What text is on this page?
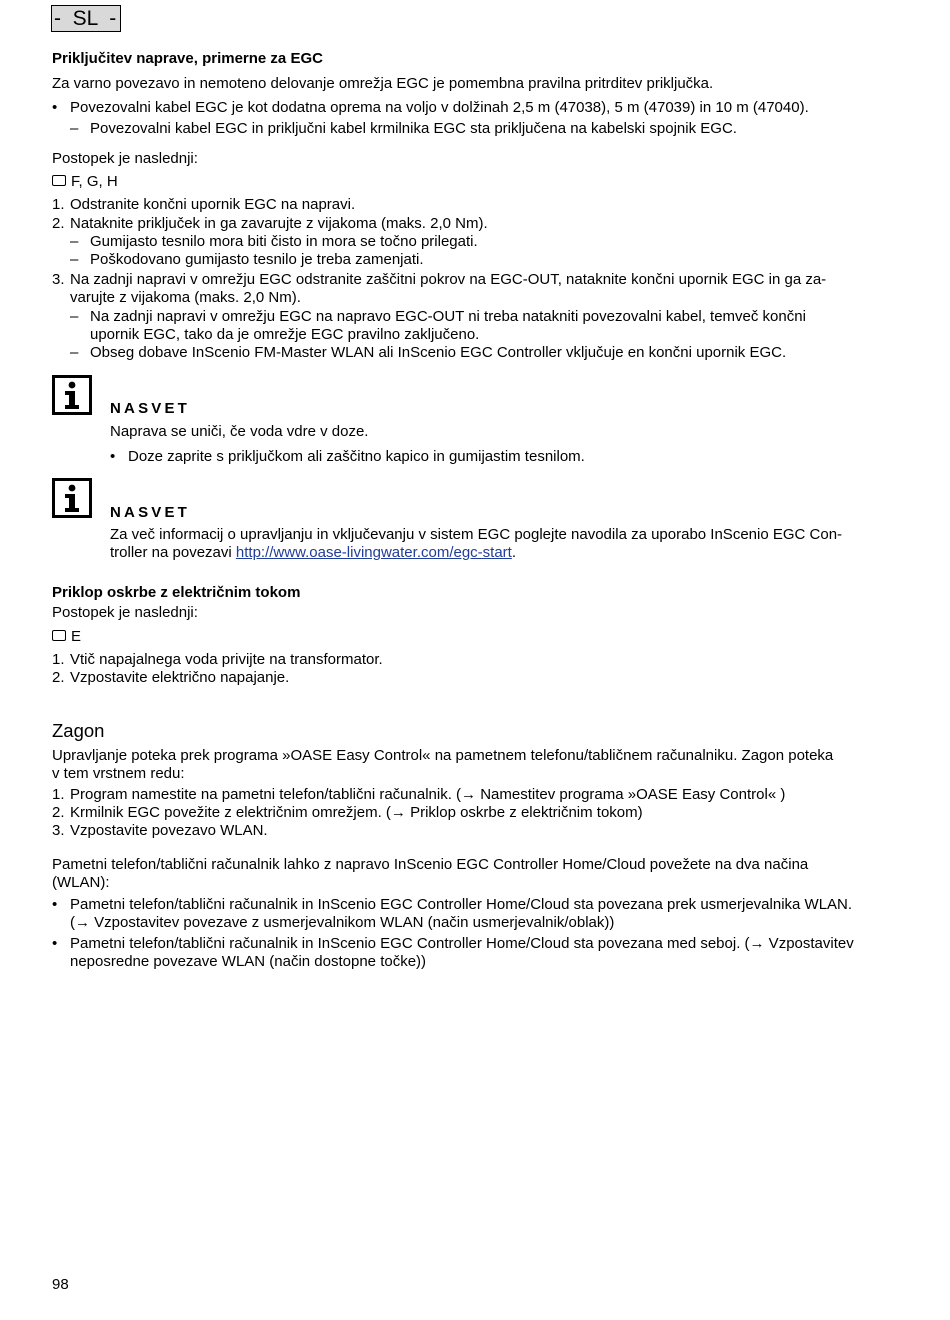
-  SL  -
Priključitev naprave, primerne za EGC
Za varno povezavo in nemoteno delovanje omrežja EGC je pomembna pravilna pritrditev priključka.
• Povezovalni kabel EGC je kot dodatna oprema na voljo v dolžinah 2,5 m (47038), 5 m (47039) in 10 m (47040).
– Povezovalni kabel EGC in priključni kabel krmilnika EGC sta priključena na kabelski spojnik EGC.
Postopek je naslednji:
F, G, H
1. Odstranite končni upornik EGC na napravi.
2. Nataknite priključek in ga zavarujte z vijakoma (maks. 2,0 Nm).
– Gumijasto tesnilo mora biti čisto in mora se točno prilegati.
– Poškodovano gumijasto tesnilo je treba zamenjati.
3. Na zadnji napravi v omrežju EGC odstranite zaščitni pokrov na EGC-OUT, nataknite končni upornik EGC in ga za-
varujte z vijakoma (maks. 2,0 Nm).
– Na zadnji napravi v omrežju EGC na napravo EGC-OUT ni treba natakniti povezovalni kabel, temveč končni
upornik EGC, tako da je omrežje EGC pravilno zaključeno.
– Obseg dobave InScenio FM-Master WLAN ali InScenio EGC Controller vključuje en končni upornik EGC.
NASVET
Naprava se uniči, če voda vdre v doze.
• Doze zaprite s priključkom ali zaščitno kapico in gumijastim tesnilom.
NASVET
Za več informacij o upravljanju in vključevanju v sistem EGC poglejte navodila za uporabo InScenio EGC Con-
troller na povezavi http://www.oase-livingwater.com/egc-start.
Priklop oskrbe z električnim tokom
Postopek je naslednji:
E
1. Vtič napajalnega voda privijte na transformator.
2. Vzpostavite električno napajanje.
Zagon
Upravljanje poteka prek programa »OASE Easy Control« na pametnem telefonu/tabličnem računalniku. Zagon poteka
v tem vrstnem redu:
1. Program namestite na pametni telefon/tablični računalnik. (→ Namestitev programa »OASE Easy Control« )
2. Krmilnik EGC povežite z električnim omrežjem. (→ Priklop oskrbe z električnim tokom)
3. Vzpostavite povezavo WLAN.
Pametni telefon/tablični računalnik lahko z napravo InScenio EGC Controller Home/Cloud povežete na dva načina
(WLAN):
• Pametni telefon/tablični računalnik in InScenio EGC Controller Home/Cloud sta povezana prek usmerjevalnika WLAN.
(→ Vzpostavitev povezave z usmerjevalnikom WLAN (način usmerjevalnik/oblak))
• Pametni telefon/tablični računalnik in InScenio EGC Controller Home/Cloud sta povezana med seboj. (→ Vzpostavitev
neposredne povezave WLAN (način dostopne točke))
98
